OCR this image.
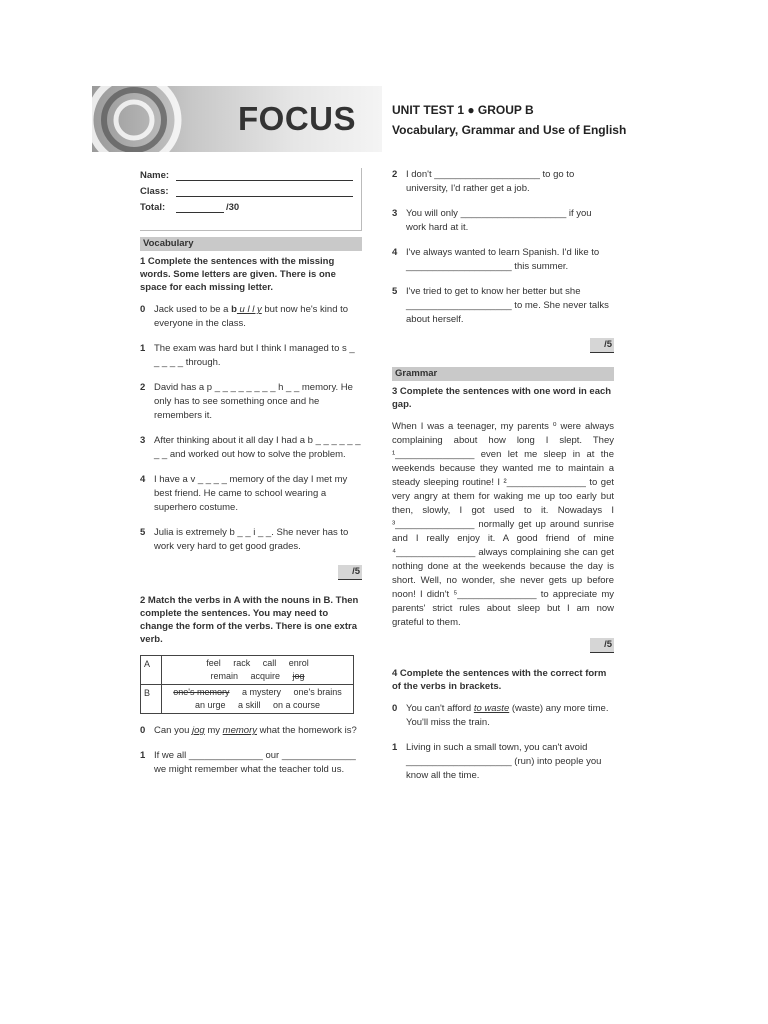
FOCUS	UNIT TEST 1 ● GROUP B
Vocabulary, Grammar and Use of English
Name:
Class:
Total:	/30
Vocabulary
1 Complete the sentences with the missing words. Some letters are given. There is one space for each missing letter.
0 Jack used to be a b u l l y but now he's kind to everyone in the class.
1 The exam was hard but I think I managed to s _ _ _ _ _ through.
2 David has a p _ _ _ _ _ _ _ _ h _ _ memory. He only has to see something once and he remembers it.
3 After thinking about it all day I had a b _ _ _ _ _ _ _ _ and worked out how to solve the problem.
4 I have a v _ _ _ _ memory of the day I met my best friend. He came to school wearing a superhero costume.
5 Julia is extremely b _ _ i _ _. She never has to work very hard to get good grades.
/5
2 Match the verbs in A with the nouns in B. Then complete the sentences. You may need to change the form of the verbs. There is one extra verb.
A	feel rack call enrol
remain acquire jog

B	one's memory a mystery one's brains
an urge a skill on a course
0 Can you jog my memory what the homework is?
1 If we all ______________ our ______________ we might remember what the teacher told us.
2 I don't ____________________ to go to university, I'd rather get a job.
3 You will only ____________________ if you work hard at it.
4 I've always wanted to learn Spanish. I'd like to ____________________ this summer.
5 I've tried to get to know her better but she ____________________ to me. She never talks about herself.
/5
Grammar
3 Complete the sentences with one word in each gap.
When I was a teenager, my parents ⁰ were always complaining about how long I slept. They ¹_______________ even let me sleep in at the weekends because they wanted me to maintain a steady sleeping routine! I ²_______________ to get very angry at them for waking me up too early but then, slowly, I got used to it. Nowadays I ³_______________ normally get up around sunrise and I really enjoy it. A good friend of mine ⁴_______________ always complaining she can get nothing done at the weekends because the day is short. Well, no wonder, she never gets up before noon! I didn't ⁵_______________ to appreciate my parents' strict rules about sleep but I am now grateful to them.
/5
4 Complete the sentences with the correct form of the verbs in brackets.
0 You can't afford to waste (waste) any more time. You'll miss the train.
1 Living in such a small town, you can't avoid ____________________ (run) into people you know all the time.
